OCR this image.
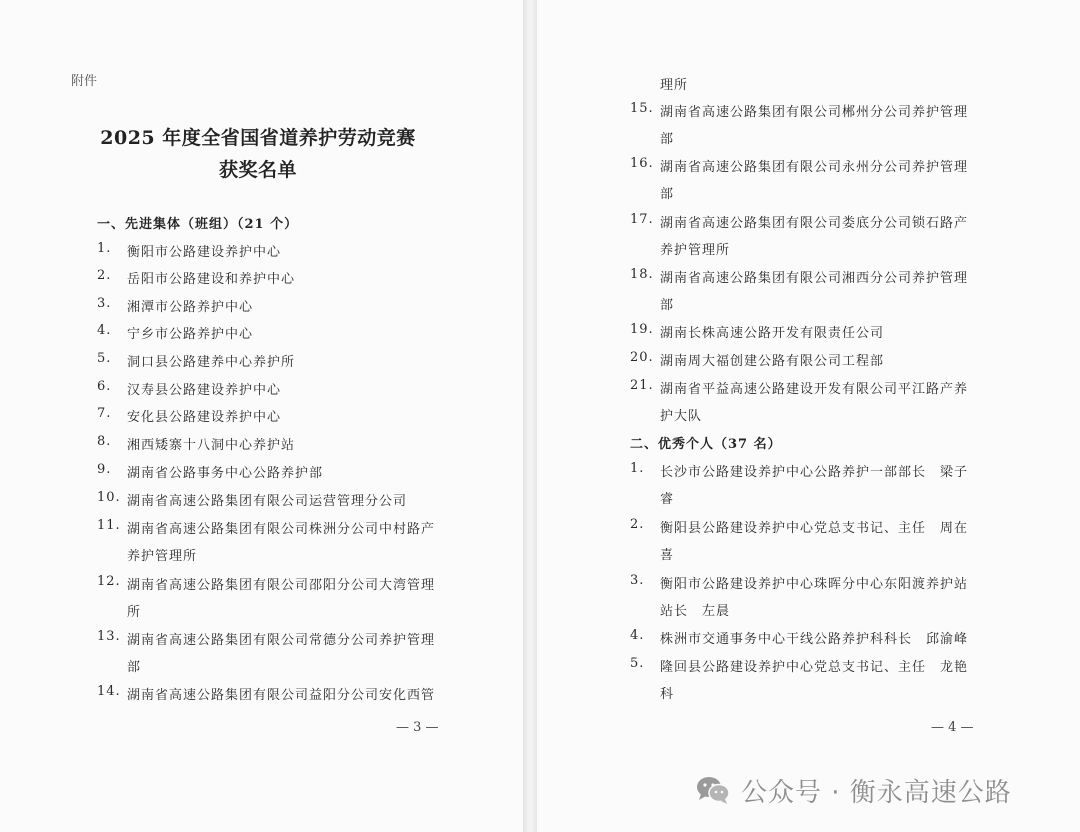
附件
2025 年度全省国省道养护劳动竞赛
获奖名单
一、先进集体（班组）（21 个）
1. 衡阳市公路建设养护中心
2. 岳阳市公路建设和养护中心
3. 湘潭市公路养护中心
4. 宁乡市公路养护中心
5. 洞口县公路建养中心养护所
6. 汉寿县公路建设养护中心
7. 安化县公路建设养护中心
8. 湘西矮寨十八洞中心养护站
9. 湖南省公路事务中心公路养护部
10. 湖南省高速公路集团有限公司运营管理分公司
11. 湖南省高速公路集团有限公司株洲分公司中村路产
养护管理所
12. 湖南省高速公路集团有限公司邵阳分公司大湾管理
所
13. 湖南省高速公路集团有限公司常德分公司养护管理
部
14. 湖南省高速公路集团有限公司益阳分公司安化西管
— 3 —
理所
15. 湖南省高速公路集团有限公司郴州分公司养护管理
部
16. 湖南省高速公路集团有限公司永州分公司养护管理
部
17. 湖南省高速公路集团有限公司娄底分公司锁石路产
养护管理所
18. 湖南省高速公路集团有限公司湘西分公司养护管理
部
19. 湖南长株高速公路开发有限责任公司
20. 湖南周大福创建公路有限公司工程部
21. 湖南省平益高速公路建设开发有限公司平江路产养
护大队
二、优秀个人（37 名）
1. 长沙市公路建设养护中心公路养护一部部长　梁子
睿
2. 衡阳县公路建设养护中心党总支书记、主任　周在
喜
3. 衡阳市公路建设养护中心珠晖分中心东阳渡养护站
站长　左晨
4. 株洲市交通事务中心干线公路养护科科长　邱渝峰
5. 隆回县公路建设养护中心党总支书记、主任　龙艳
科
— 4 —
公众号 · 衡永高速公路
